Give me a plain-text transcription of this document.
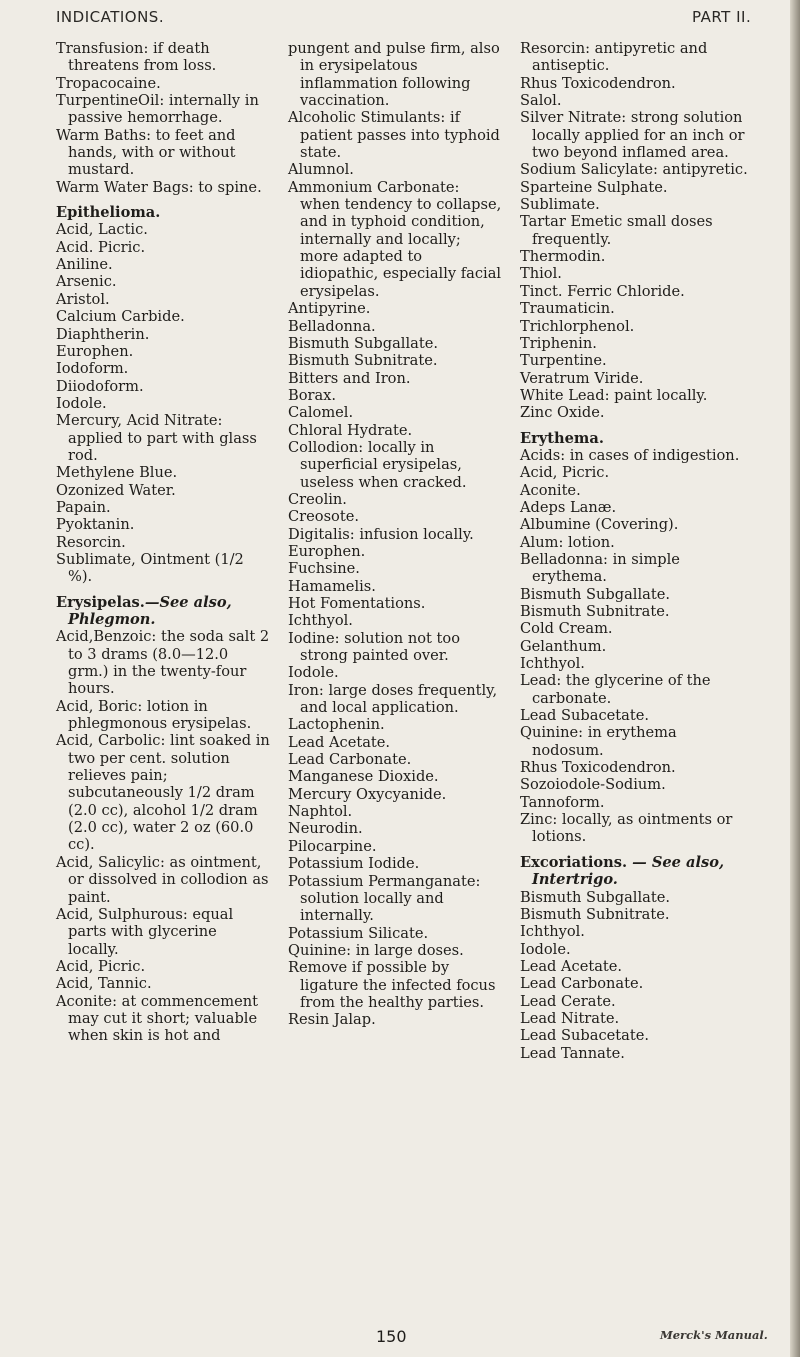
INDICATIONS.	PART II.

Transfusion: if death threatens from loss.

Tropacocaine.

TurpentineOil: internally in passive hemorrhage.

Warm Baths: to feet and hands, with or without mustard.

Warm Water Bags: to spine.

Epithelioma.

Acid, Lactic.

Acid. Picric.

Aniline.

Arsenic.

Aristol.

Calcium Carbide.

Diaphtherin.

Europhen.

Iodoform.

Diiodoform.

Iodole.

Mercury, Acid Nitrate: applied to part with glass rod.

Methylene Blue.

Ozonized Water.

Papain.

Pyoktanin.

Resorcin.

Sublimate, Ointment (1/2 %).

Erysipelas.—See also, Phlegmon.

Acid,Benzoic: the soda salt 2 to 3 drams (8.0—12.0 grm.) in the twenty-four hours.

Acid, Boric: lotion in phlegmonous erysipelas.

Acid, Carbolic: lint soaked in two per cent. solution relieves pain; subcutaneously 1/2 dram (2.0 cc), alcohol 1/2 dram (2.0 cc), water 2 oz (60.0 cc).

Acid, Salicylic: as ointment, or dissolved in collodion as paint.

Acid, Sulphurous: equal parts with glycerine locally.

Acid, Picric.

Acid, Tannic.

Aconite: at commencement may cut it short; valuable when skin is hot and

pungent and pulse firm, also in erysipelatous inflammation following vaccination.

Alcoholic Stimulants: if patient passes into typhoid state.

Alumnol.

Ammonium Carbonate: when tendency to collapse, and in typhoid condition, internally and locally; more adapted to idiopathic, especially facial erysipelas.

Antipyrine.

Belladonna.

Bismuth Subgallate.

Bismuth Subnitrate.

Bitters and Iron.

Borax.

Calomel.

Chloral Hydrate.

Collodion: locally in superficial erysipelas, useless when cracked.

Creolin.

Creosote.

Digitalis: infusion locally.

Europhen.

Fuchsine.

Hamamelis.

Hot Fomentations.

Ichthyol.

Iodine: solution not too strong painted over.

Iodole.

Iron: large doses frequently, and local application.

Lactophenin.

Lead Acetate.

Lead Carbonate.

Manganese Dioxide.

Mercury Oxycyanide.

Naphtol.

Neurodin.

Pilocarpine.

Potassium Iodide.

Potassium Permanganate: solution locally and internally.

Potassium Silicate.

Quinine: in large doses.

Remove if possible by ligature the infected focus from the healthy parties.

Resin Jalap.

Resorcin: antipyretic and antiseptic.

Rhus Toxicodendron.

Salol.

Silver Nitrate: strong solution locally applied for an inch or two beyond inflamed area.

Sodium Salicylate: antipyretic.

Sparteine Sulphate.

Sublimate.

Tartar Emetic small doses frequently.

Thermodin.

Thiol.

Tinct. Ferric Chloride.

Traumaticin.

Trichlorphenol.

Triphenin.

Turpentine.

Veratrum Viride.

White Lead: paint locally.

Zinc Oxide.

Erythema.

Acids: in cases of indigestion.

Acid, Picric.

Aconite.

Adeps Lanæ.

Albumine (Covering).

Alum: lotion.

Belladonna: in simple erythema.

Bismuth Subgallate.

Bismuth Subnitrate.

Cold Cream.

Gelanthum.

Ichthyol.

Lead: the glycerine of the carbonate.

Lead Subacetate.

Quinine: in erythema nodosum.

Rhus Toxicodendron.

Sozoiodole-Sodium.

Tannoform.

Zinc: locally, as ointments or lotions.

Excoriations. — See also, Intertrigo.

Bismuth Subgallate.

Bismuth Subnitrate.

Ichthyol.

Iodole.

Lead Acetate.

Lead Carbonate.

Lead Cerate.

Lead Nitrate.

Lead Subacetate.

Lead Tannate.

150	Merck's Manual.
